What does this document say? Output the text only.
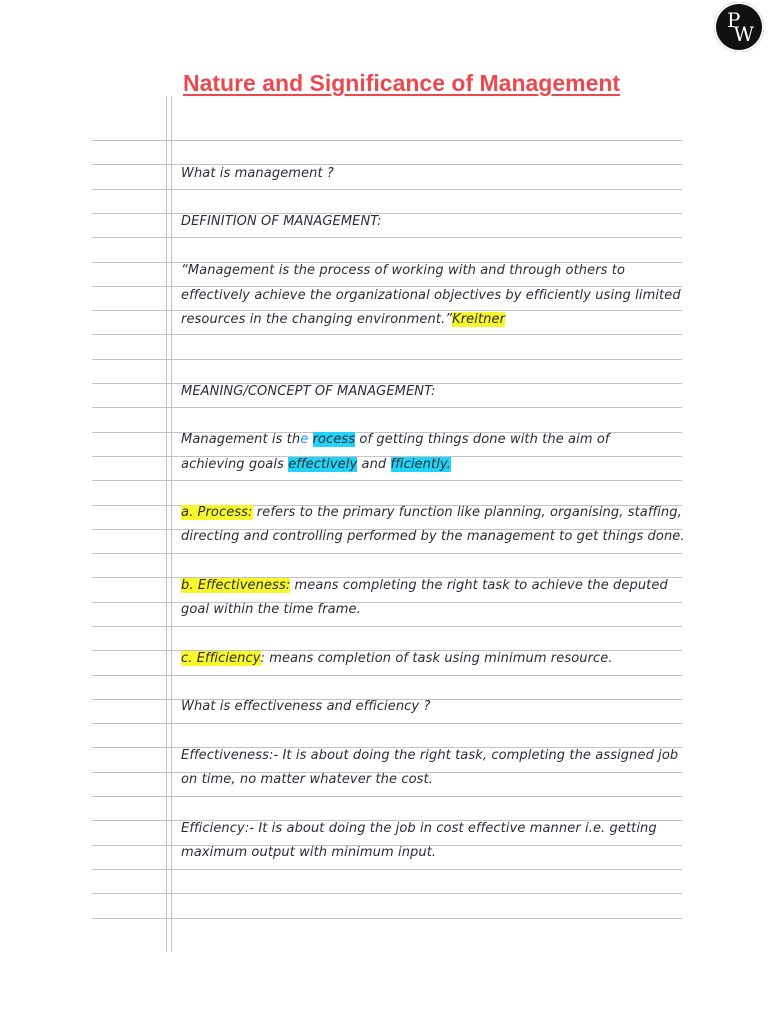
P
W
Nature and Significance of Management
What is management ?
DEFINITION OF MANAGEMENT:
“Management is the process of working with and through others to
effectively achieve the organizational objectives by efficiently using limited
resources in the changing environment.”Kreitner
MEANING/CONCEPT OF MANAGEMENT:
Management is the rocess of getting things done with the aim of
achieving goals effectively and fficiently.
a. Process: refers to the primary function like planning, organising, staffing,
directing and controlling performed by the management to get things done.
b. Effectiveness: means completing the right task to achieve the deputed
goal within the time frame.
c. Efficiency: means completion of task using minimum resource.
What is effectiveness and efficiency ?
Effectiveness:- It is about doing the right task, completing the assigned job
on time, no matter whatever the cost.
Efficiency:- It is about doing the job in cost effective manner i.e. getting
maximum output with minimum input.
